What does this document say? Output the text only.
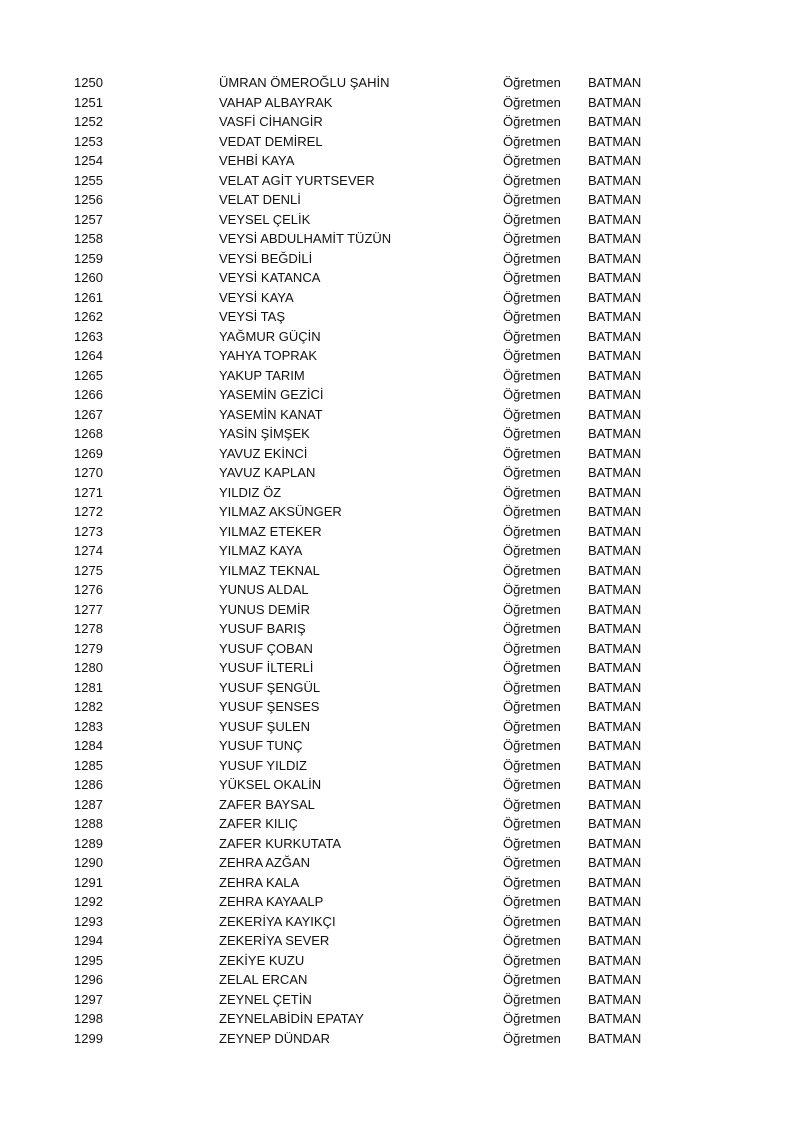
1250	ÜMRAN ÖMEROĞLU ŞAHİN	Öğretmen BATMAN
1251	VAHAP ALBAYRAK	Öğretmen BATMAN
1252	VASFİ CİHANGİR	Öğretmen BATMAN
1253	VEDAT DEMİREL	Öğretmen BATMAN
1254	VEHBİ KAYA	Öğretmen BATMAN
1255	VELAT AGİT YURTSEVER	Öğretmen BATMAN
1256	VELAT DENLİ	Öğretmen BATMAN
1257	VEYSEL ÇELİK	Öğretmen BATMAN
1258	VEYSİ ABDULHAMİT TÜZÜN	Öğretmen BATMAN
1259	VEYSİ BEĞDİLİ	Öğretmen BATMAN
1260	VEYSİ KATANCA	Öğretmen BATMAN
1261	VEYSİ KAYA	Öğretmen BATMAN
1262	VEYSİ TAŞ	Öğretmen BATMAN
1263	YAĞMUR GÜÇİN	Öğretmen BATMAN
1264	YAHYA TOPRAK	Öğretmen BATMAN
1265	YAKUP TARIM	Öğretmen BATMAN
1266	YASEMİN GEZİCİ	Öğretmen BATMAN
1267	YASEMİN KANAT	Öğretmen BATMAN
1268	YASİN ŞİMŞEK	Öğretmen BATMAN
1269	YAVUZ EKİNCİ	Öğretmen BATMAN
1270	YAVUZ KAPLAN	Öğretmen BATMAN
1271	YILDIZ ÖZ	Öğretmen BATMAN
1272	YILMAZ AKSÜNGER	Öğretmen BATMAN
1273	YILMAZ ETEKER	Öğretmen BATMAN
1274	YILMAZ KAYA	Öğretmen BATMAN
1275	YILMAZ TEKNAL	Öğretmen BATMAN
1276	YUNUS ALDAL	Öğretmen BATMAN
1277	YUNUS DEMİR	Öğretmen BATMAN
1278	YUSUF BARIŞ	Öğretmen BATMAN
1279	YUSUF ÇOBAN	Öğretmen BATMAN
1280	YUSUF İLTERLİ	Öğretmen BATMAN
1281	YUSUF ŞENGÜL	Öğretmen BATMAN
1282	YUSUF ŞENSES	Öğretmen BATMAN
1283	YUSUF ŞULEN	Öğretmen BATMAN
1284	YUSUF TUNÇ	Öğretmen BATMAN
1285	YUSUF YILDIZ	Öğretmen BATMAN
1286	YÜKSEL OKALİN	Öğretmen BATMAN
1287	ZAFER BAYSAL	Öğretmen BATMAN
1288	ZAFER KILIÇ	Öğretmen BATMAN
1289	ZAFER KURKUTATA	Öğretmen BATMAN
1290	ZEHRA AZĞAN	Öğretmen BATMAN
1291	ZEHRA KALA	Öğretmen BATMAN
1292	ZEHRA KAYAALP	Öğretmen BATMAN
1293	ZEKERİYA KAYIKÇI	Öğretmen BATMAN
1294	ZEKERİYA SEVER	Öğretmen BATMAN
1295	ZEKİYE KUZU	Öğretmen BATMAN
1296	ZELAL ERCAN	Öğretmen BATMAN
1297	ZEYNEL ÇETİN	Öğretmen BATMAN
1298	ZEYNELABİDİN EPATAY	Öğretmen BATMAN
1299	ZEYNEP DÜNDAR	Öğretmen BATMAN
